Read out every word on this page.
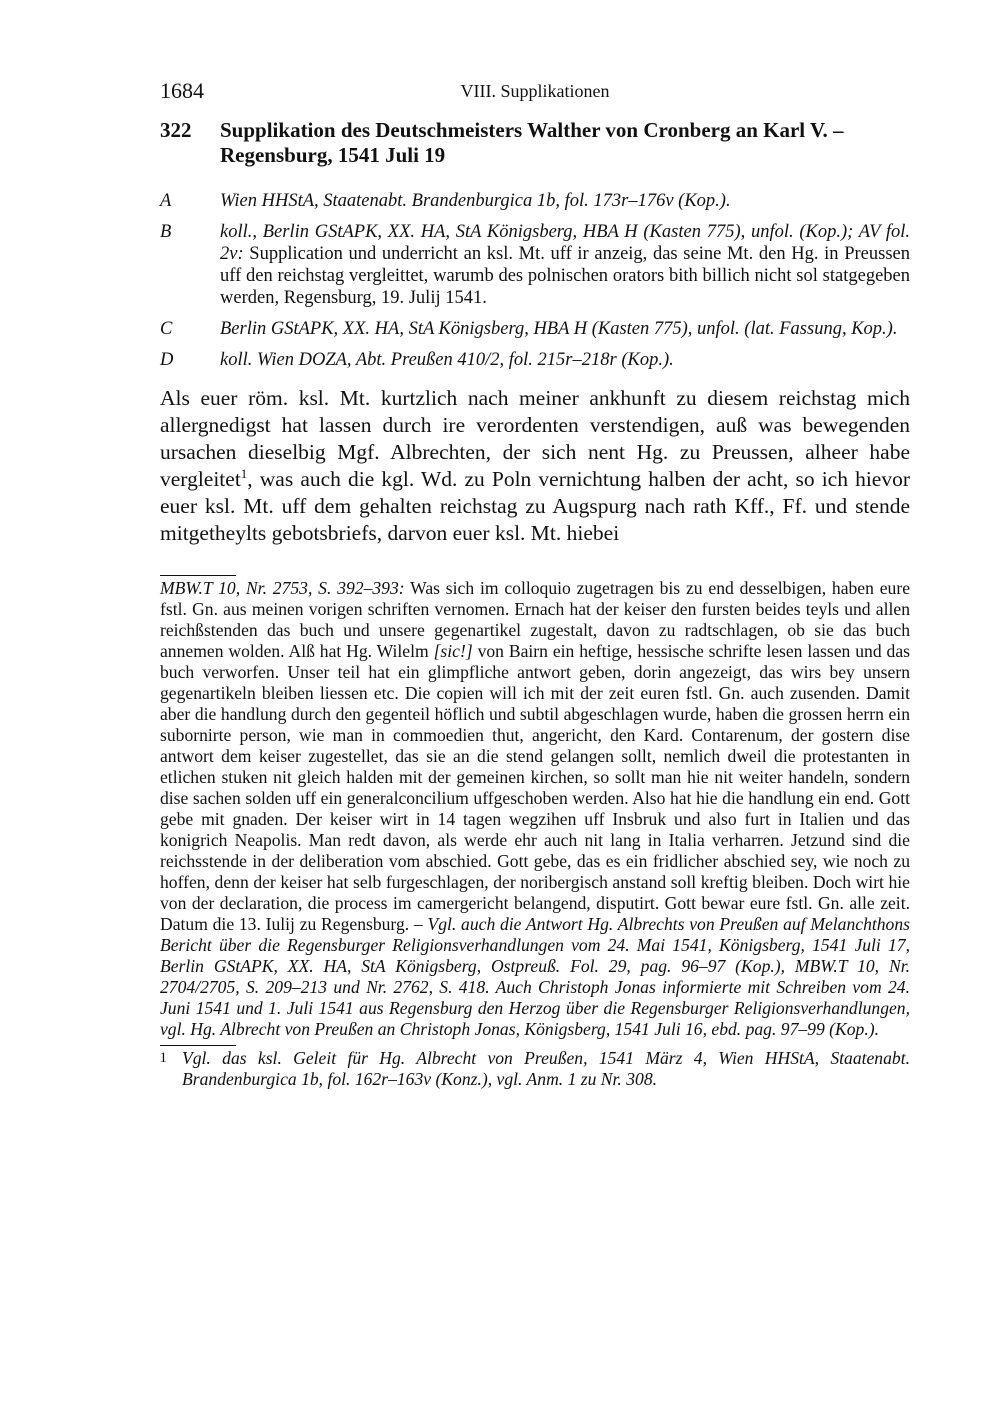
1684	VIII. Supplikationen
322	Supplikation des Deutschmeisters Walther von Cronberg an Karl V. – Regensburg, 1541 Juli 19
A	Wien HHStA, Staatenabt. Brandenburgica 1b, fol. 173r–176v (Kop.).
B	koll., Berlin GStAPK, XX. HA, StA Königsberg, HBA H (Kasten 775), unfol. (Kop.); AV fol. 2v: Supplication und underricht an ksl. Mt. uff ir anzeig, das seine Mt. den Hg. in Preussen uff den reichstag vergleittet, warumb des polnischen orators bith billich nicht sol statgegeben werden, Regensburg, 19. Julij 1541.
C	Berlin GStAPK, XX. HA, StA Königsberg, HBA H (Kasten 775), unfol. (lat. Fassung, Kop.).
D	koll. Wien DOZA, Abt. Preußen 410/2, fol. 215r–218r (Kop.).

Als euer röm. ksl. Mt. kurtzlich nach meiner ankhunft zu diesem reichstag mich allergnedigst hat lassen durch ire verordenten verstendigen, auß was bewegenden ursachen dieselbig Mgf. Albrechten, der sich nent Hg. zu Preussen, alheer habe vergleitet$^1$, was auch die kgl. Wd. zu Poln vernichtung halben der acht, so ich hievor euer ksl. Mt. uff dem gehalten reichstag zu Augspurg nach rath Kff., Ff. und stende mitgetheylts gebotsbriefs, darvon euer ksl. Mt. hiebei

MBW.T 10, Nr. 2753, S. 392–393: Was sich im colloquio zugetragen bis zu end desselbigen, haben eure fstl. Gn. aus meinen vorigen schriften vernomen. Ernach hat der keiser den fursten beides teyls und allen reichßstenden das buch und unsere gegenartikel zugestalt, davon zu radtschlagen, ob sie das buch annemen wolden. Alß hat Hg. Wilelm [sic!] von Bairn ein heftige, hessische schrifte lesen lassen und das buch verworfen. Unser teil hat ein glimpfliche antwort geben, dorin angezeigt, das wirs bey unsern gegenartikeln bleiben liessen etc. Die copien will ich mit der zeit euren fstl. Gn. auch zusenden. Damit aber die handlung durch den gegenteil höflich und subtil abgeschlagen wurde, haben die grossen herrn ein subornirte person, wie man in commoedien thut, angericht, den Kard. Contarenum, der gostern dise antwort dem keiser zugestellet, das sie an die stend gelangen sollt, nemlich dweil die protestanten in etlichen stuken nit gleich halden mit der gemeinen kirchen, so sollt man hie nit weiter handeln, sondern dise sachen solden uff ein generalconcilium uffgeschoben werden. Also hat hie die handlung ein end. Gott gebe mit gnaden. Der keiser wirt in 14 tagen wegzihen uff Insbruk und also furt in Italien und das konigrich Neapolis. Man redt davon, als werde ehr auch nit lang in Italia verharren. Jetzund sind die reichsstende in der deliberation vom abschied. Gott gebe, das es ein fridlicher abschied sey, wie noch zu hoffen, denn der keiser hat selb furgeschlagen, der noribergisch anstand soll kreftig bleiben. Doch wirt hie von der declaration, die process im camergericht belangend, disputirt. Gott bewar eure fstl. Gn. alle zeit. Datum die 13. Iulij zu Regensburg. – Vgl. auch die Antwort Hg. Albrechts von Preußen auf Melanchthons Bericht über die Regensburger Religionsverhandlungen vom 24. Mai 1541, Königsberg, 1541 Juli 17, Berlin GStAPK, XX. HA, StA Königsberg, Ostpreuß. Fol. 29, pag. 96–97 (Kop.), MBW.T 10, Nr. 2704/2705, S. 209–213 und Nr. 2762, S. 418. Auch Christoph Jonas informierte mit Schreiben vom 24. Juni 1541 und 1. Juli 1541 aus Regensburg den Herzog über die Regensburger Religionsverhandlungen, vgl. Hg. Albrecht von Preußen an Christoph Jonas, Königsberg, 1541 Juli 16, ebd. pag. 97–99 (Kop.).
1 Vgl. das ksl. Geleit für Hg. Albrecht von Preußen, 1541 März 4, Wien HHStA, Staatenabt. Brandenburgica 1b, fol. 162r–163v (Konz.), vgl. Anm. 1 zu Nr. 308.
